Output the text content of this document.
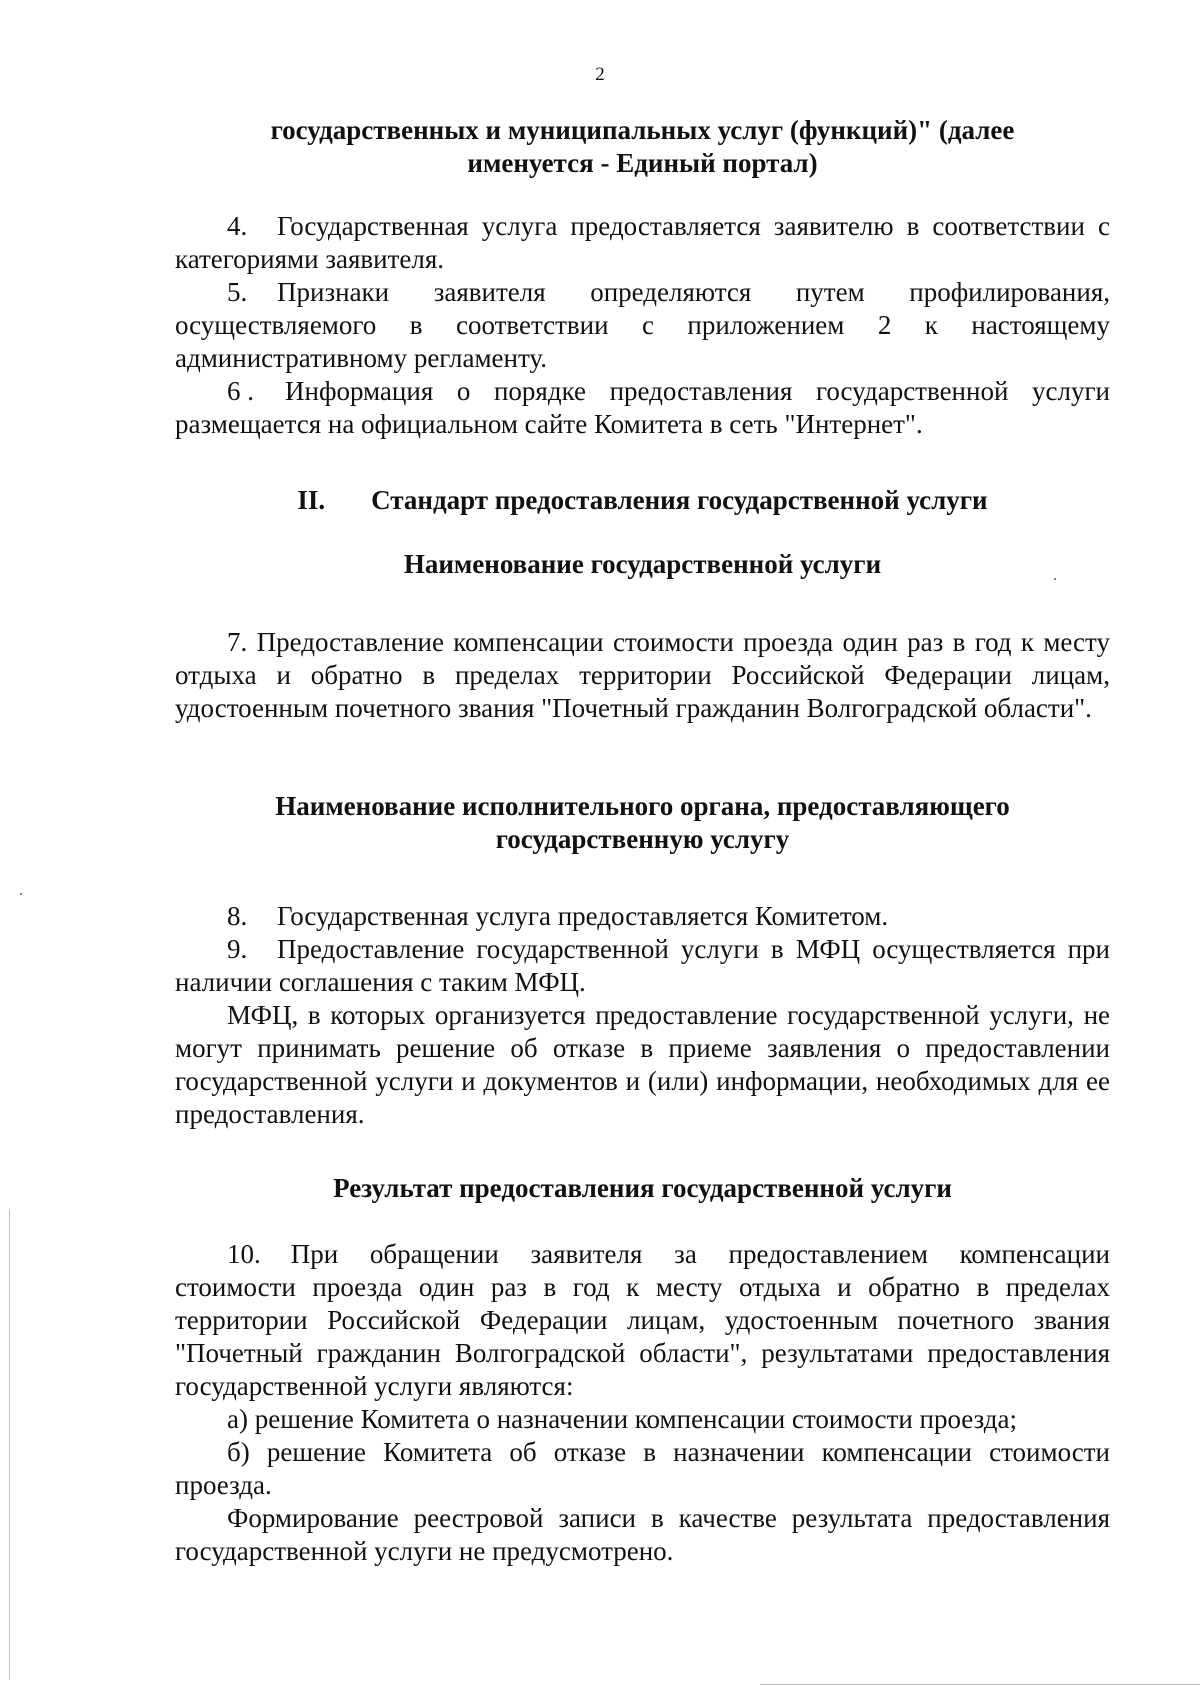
2
государственных и муниципальных услуг (функций)" (далее
именуется - Единый портал)

4. Государственная услуга предоставляется заявителю в соответствии с категориями заявителя.

5. Признаки заявителя определяются путем профилирования, осуществляемого в соответствии с приложением 2 к настоящему административному регламенту.

6 . Информация о порядке предоставления государственной услуги размещается на официальном сайте Комитета в сеть "Интернет".

II. Стандарт предоставления государственной услуги
Наименование государственной услуги

7. Предоставление компенсации стоимости проезда один раз в год к месту отдыха и обратно в пределах территории Российской Федерации лицам, удостоенным почетного звания "Почетный гражданин Волгоградской области".

Наименование исполнительного органа, предоставляющего
государственную услугу

8. Государственная услуга предоставляется Комитетом.

9. Предоставление государственной услуги в МФЦ осуществляется при наличии соглашения с таким МФЦ.

МФЦ, в которых организуется предоставление государственной услуги, не могут принимать решение об отказе в приеме заявления о предоставлении государственной услуги и документов и (или) информации, необходимых для ее предоставления.

Результат предоставления государственной услуги

10. При обращении заявителя за предоставлением компенсации стоимости проезда один раз в год к месту отдыха и обратно в пределах территории Российской Федерации лицам, удостоенным почетного звания "Почетный гражданин Волгоградской области", результатами предоставления государственной услуги являются:

а) решение Комитета о назначении компенсации стоимости проезда;

б) решение Комитета об отказе в назначении компенсации стоимости проезда.

Формирование реестровой записи в качестве результата предоставления государственной услуги не предусмотрено.
